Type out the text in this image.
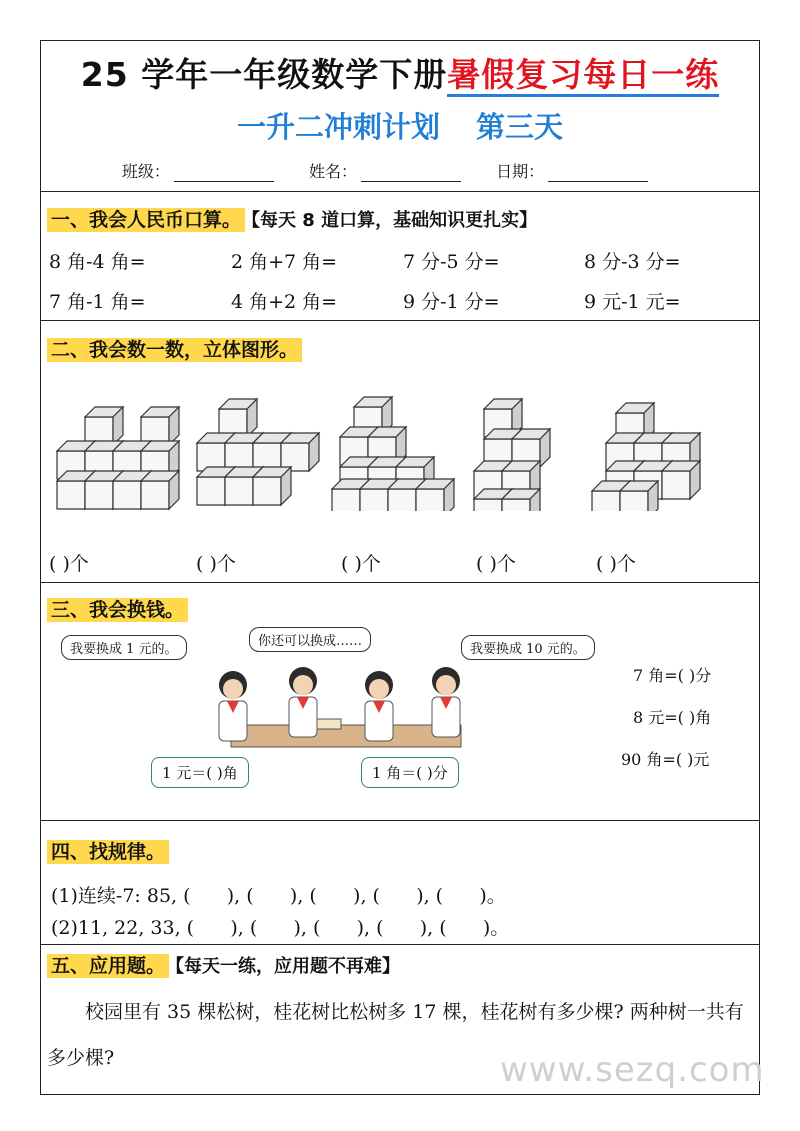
25 学年一年级数学下册暑假复习每日一练
一升二冲刺计划 第三天
班级：	姓名：	日期：
一、我会人民币口算。 【每天 8 道口算，基础知识更扎实】
8 角-4 角=	2 角+7 角=	7 分-5 分=	8 分-3 分=
7 角-1 角=	4 角+2 角=	9 分-1 分=	9 元-1 元=
二、我会数一数，立体图形。
( )个	( )个	( )个	( )个	( )个
三、我会换钱。
我要换成 1 元的。
你还可以换成……
我要换成 10 元的。
1 元＝( )角	1 角＝( )分
7 角=( )分
8 元=( )角
90 角=( )元
四、找规律。
(1)连续-7: 85, (      ), (      ), (      ), (      ), (      )。
(2)11, 22, 33, (      ), (      ), (      ), (      ), (      )。
五、应用题。 【每天一练，应用题不再难】
校园里有 35 棵松树，桂花树比松树多 17 棵，桂花树有多少棵? 两种树一共有多少棵?	www.sezq.com
